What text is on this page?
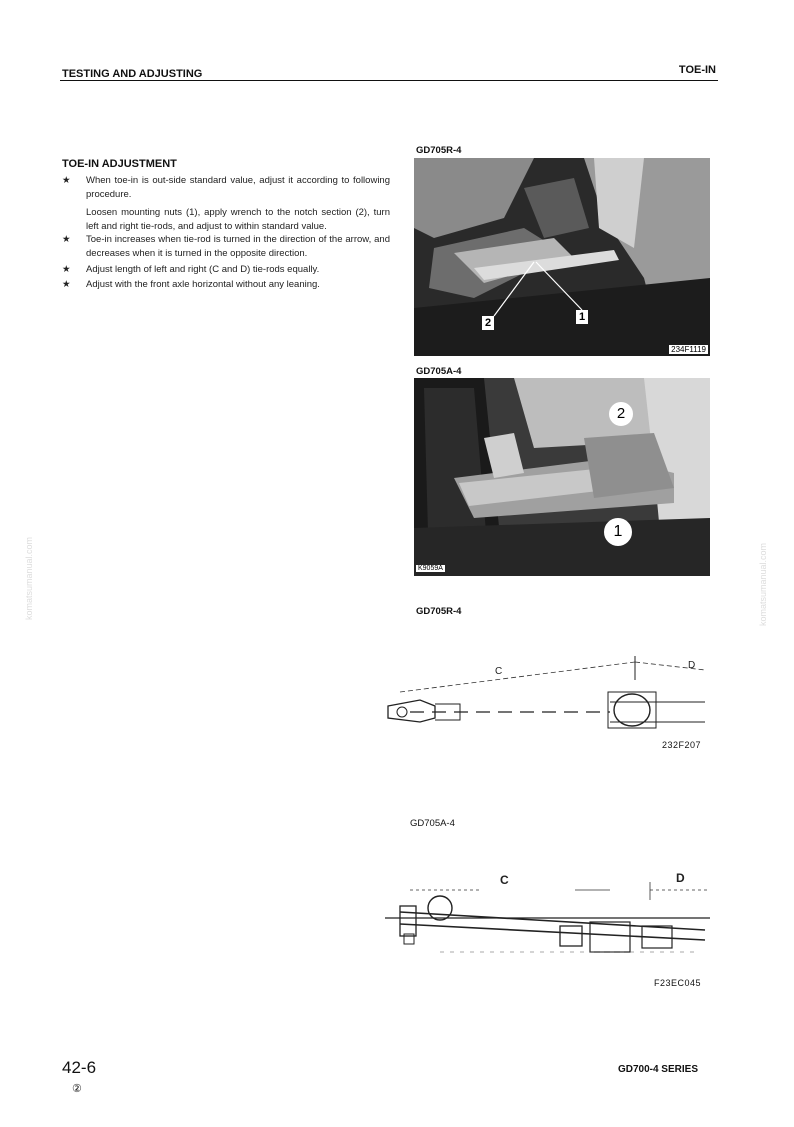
TESTING AND ADJUSTING	TOE-IN
komatsumanual.com	komatsumanual.com
TOE-IN ADJUSTMENT
★	When toe-in is out-side standard value, adjust it according to following procedure.
Loosen mounting nuts (1), apply wrench to the notch section (2), turn left and right tie-rods, and adjust to within standard value.
★	Toe-in increases when tie-rod is turned in the direction of the arrow, and decreases when it is turned in the opposite direction.
★	Adjust length of left and right (C and D) tie-rods equally.
★	Adjust with the front axle horizontal without any leaning.
GD705R-4
2	1
234F1119
GD705A-4
2
1
K9059A
GD705R-4
C
D
232F207
GD705A-4
C	D
F23EC045
42-6
②
GD700-4 SERIES
